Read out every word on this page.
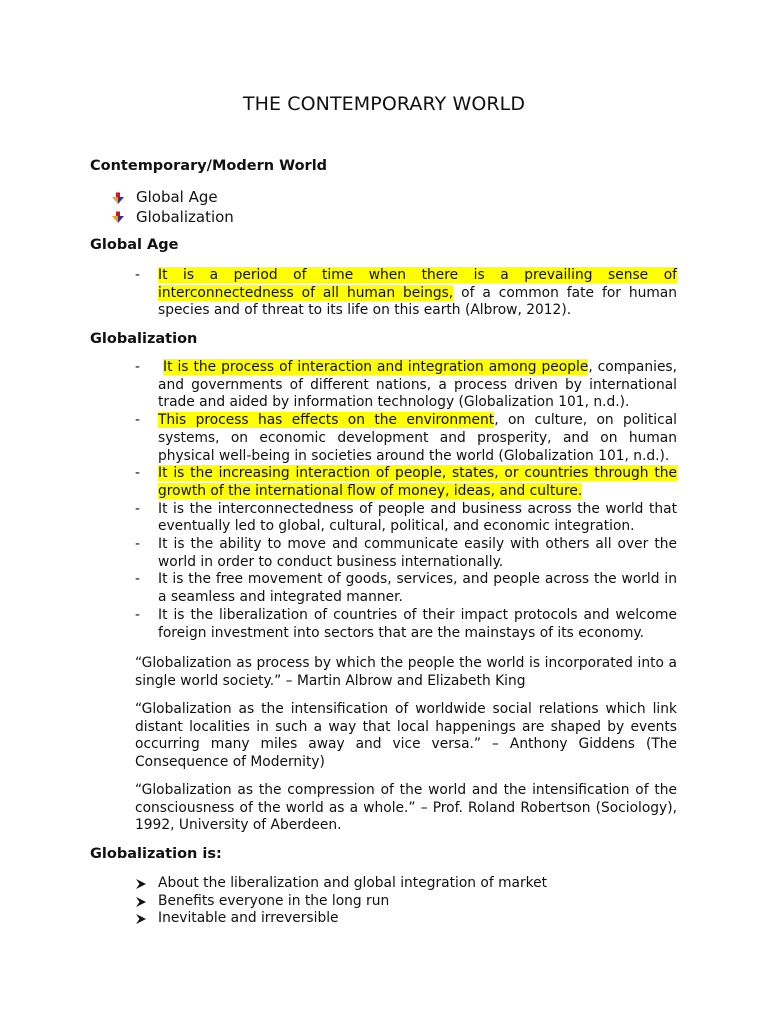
THE CONTEMPORARY WORLD
Contemporary/Modern World
Global Age
Globalization
Global Age
- It is a period of time when there is a prevailing sense of interconnectedness of all human beings, of a common fate for human species and of threat to its life on this earth (Albrow, 2012).
Globalization
- It is the process of interaction and integration among people, companies, and governments of different nations, a process driven by international trade and aided by information technology (Globalization 101, n.d.).
- This process has effects on the environment, on culture, on political systems, on economic development and prosperity, and on human physical well-being in societies around the world (Globalization 101, n.d.).
- It is the increasing interaction of people, states, or countries through the growth of the international flow of money, ideas, and culture.
- It is the interconnectedness of people and business across the world that eventually led to global, cultural, political, and economic integration.
- It is the ability to move and communicate easily with others all over the world in order to conduct business internationally.
- It is the free movement of goods, services, and people across the world in a seamless and integrated manner.
- It is the liberalization of countries of their impact protocols and welcome foreign investment into sectors that are the mainstays of its economy.
“Globalization as process by which the people the world is incorporated into a single world society.” – Martin Albrow and Elizabeth King
“Globalization as the intensification of worldwide social relations which link distant localities in such a way that local happenings are shaped by events occurring many miles away and vice versa.” – Anthony Giddens (The Consequence of Modernity)
“Globalization as the compression of the world and the intensification of the consciousness of the world as a whole.” – Prof. Roland Robertson (Sociology), 1992, University of Aberdeen.
Globalization is:
About the liberalization and global integration of market
Benefits everyone in the long run
Inevitable and irreversible
